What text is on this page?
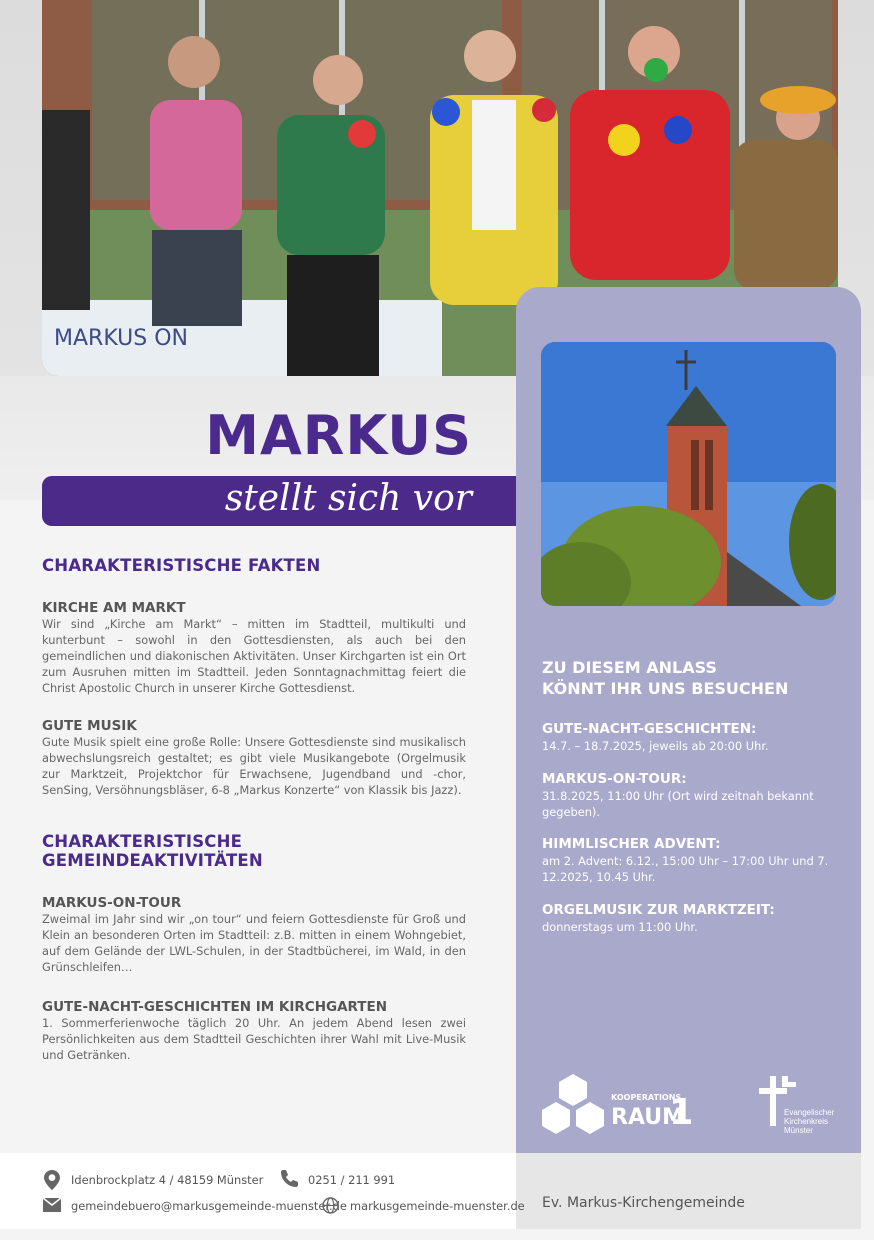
MARKUS ON
MARKUS
stellt sich vor
CHARAKTERISTISCHE FAKTEN
KIRCHE AM MARKT
Wir sind „Kirche am Markt“ – mitten im Stadtteil, multikulti und kunterbunt – sowohl in den Gottesdiensten, als auch bei den gemeindlichen und diakonischen Aktivitäten. Unser Kirchgarten ist ein Ort zum Ausruhen mitten im Stadtteil. Jeden Sonntagnachmittag feiert die Christ Apostolic Church in unserer Kirche Gottesdienst.
GUTE MUSIK
Gute Musik spielt eine große Rolle: Unsere Gottesdienste sind musikalisch abwechslungsreich gestaltet; es gibt viele Musikangebote (Orgelmusik zur Marktzeit, Projektchor für Erwachsene, Jugendband und -chor, SenSing, Versöhnungsbläser, 6-8 „Markus Konzerte“ von Klassik bis Jazz).
CHARAKTERISTISCHE GEMEINDEAKTIVITÄTEN
MARKUS-ON-TOUR
Zweimal im Jahr sind wir „on tour“ und feiern Gottesdienste für Groß und Klein an besonderen Orten im Stadtteil: z.B. mitten in einem Wohngebiet, auf dem Gelände der LWL-Schulen, in der Stadtbücherei, im Wald, in den Grünschleifen…
GUTE-NACHT-GESCHICHTEN IM KIRCHGARTEN
1. Sommerferienwoche täglich 20 Uhr. An jedem Abend lesen zwei Persönlichkeiten aus dem Stadtteil Geschichten ihrer Wahl mit Live-Musik und Getränken.
ZU DIESEM ANLASS
KÖNNT IHR UNS BESUCHEN
GUTE-NACHT-GESCHICHTEN:
14.7. – 18.7.2025, jeweils ab 20:00 Uhr.
MARKUS-ON-TOUR:
31.8.2025, 11:00 Uhr (Ort wird zeitnah bekannt gegeben).
HIMMLISCHER ADVENT:
am 2. Advent: 6.12., 15:00 Uhr – 17:00 Uhr und 7. 12.2025, 10.45 Uhr.
ORGELMUSIK ZUR MARKTZEIT:
donnerstags um 11:00 Uhr.
KOOPERATIONS
RAUM
1	Evangelischer Kirchenkreis Münster
Idenbrockplatz 4 / 48159 Münster	0251 / 211 991
gemeindebuero@markusgemeinde-muenster.de markusgemeinde-muenster.de Ev. Markus-Kirchengemeinde
